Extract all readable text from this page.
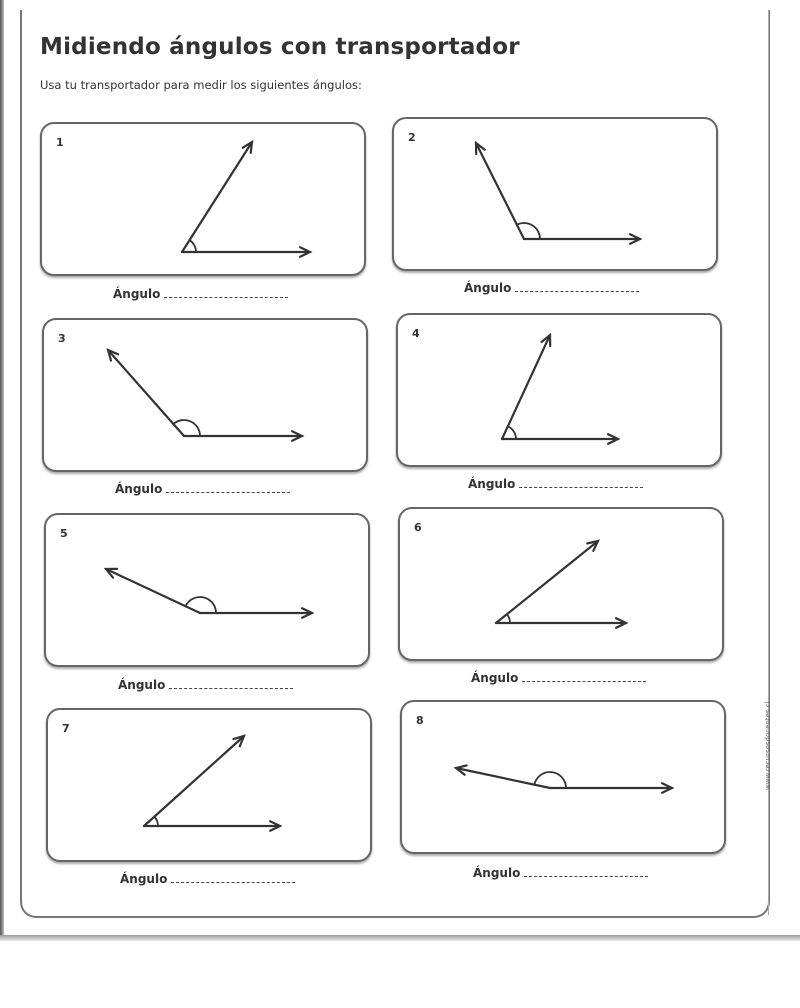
Midiendo ángulos con transportador
Usa tu transportador para medir los siguientes ángulos:
1
Ángulo
2
Ángulo
3
Ángulo
4
Ángulo
5
Ángulo
6
Ángulo
7
Ángulo
8
Ángulo
www.recursosdocentes.cl
